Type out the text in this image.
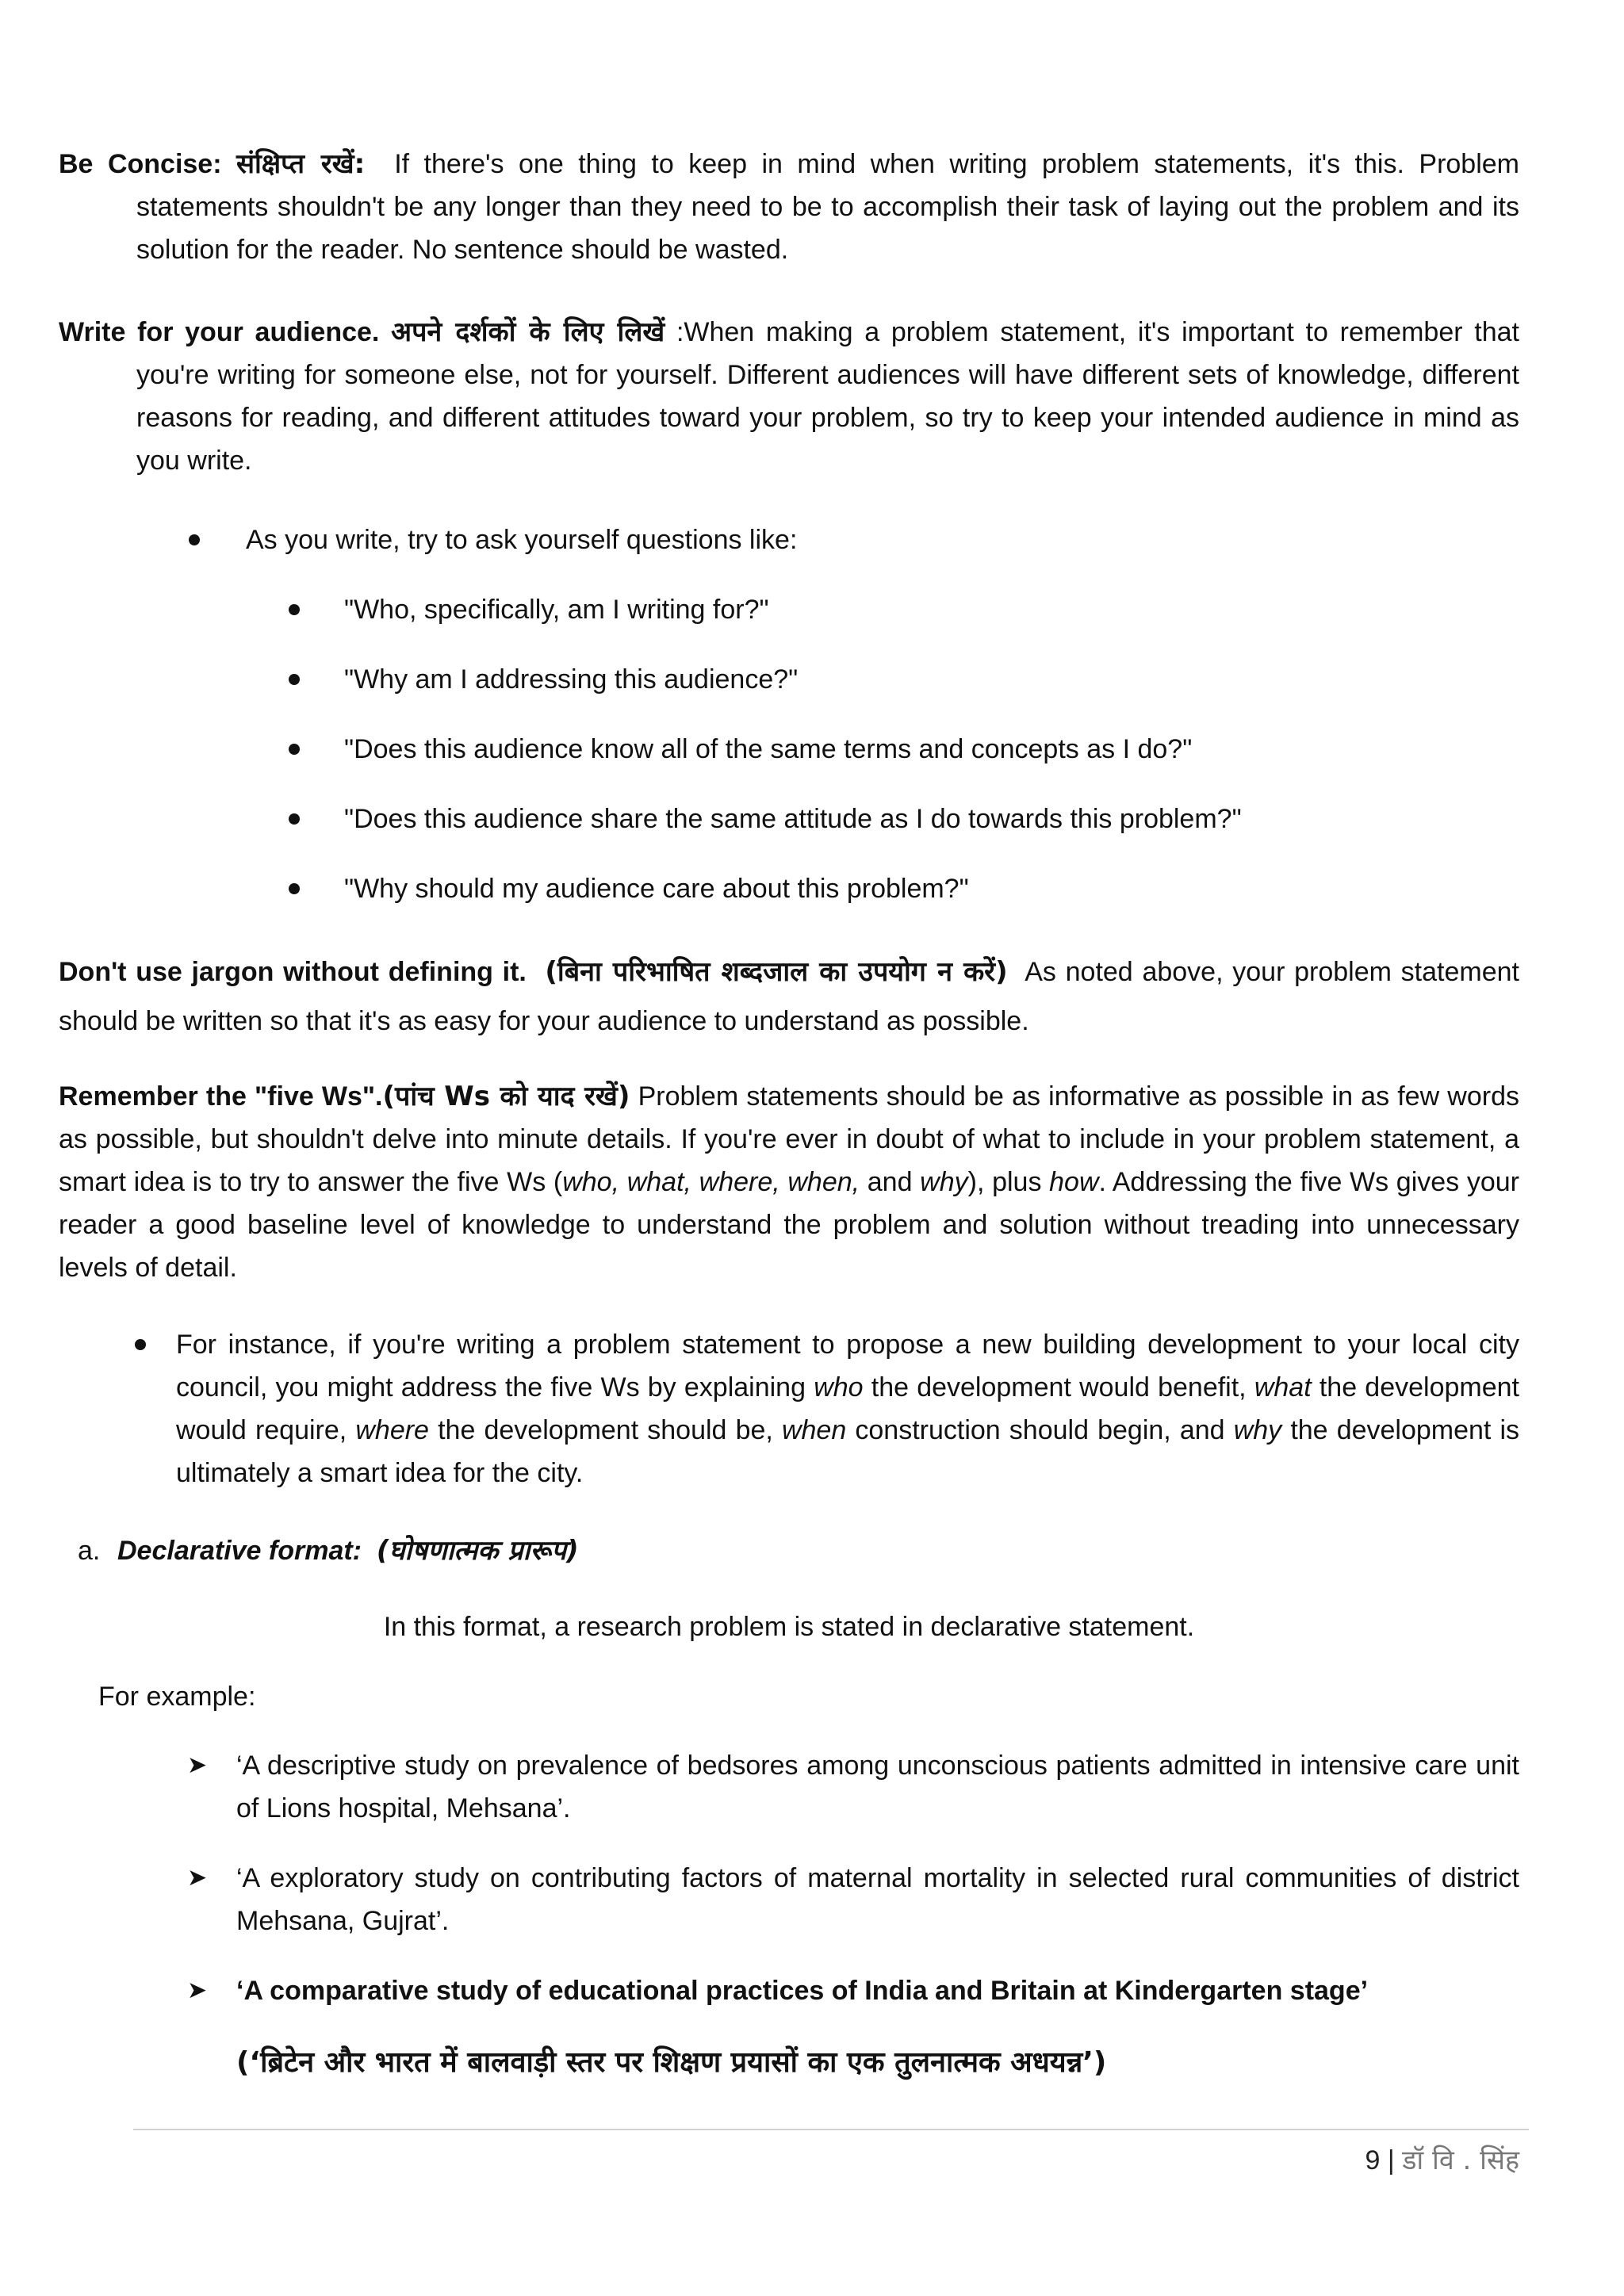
Be Concise: संक्षिप्त रखें: If there's one thing to keep in mind when writing problem statements, it's this. Problem statements shouldn't be any longer than they need to be to accomplish their task of laying out the problem and its solution for the reader. No sentence should be wasted.

Write for your audience. अपने दर्शकों के लिए लिखें :When making a problem statement, it's important to remember that you're writing for someone else, not for yourself. Different audiences will have different sets of knowledge, different reasons for reading, and different attitudes toward your problem, so try to keep your intended audience in mind as you write.

As you write, try to ask yourself questions like:
"Who, specifically, am I writing for?"
"Why am I addressing this audience?"
"Does this audience know all of the same terms and concepts as I do?"
"Does this audience share the same attitude as I do towards this problem?"
"Why should my audience care about this problem?"

Don't use jargon without defining it. (बिना परिभाषित शब्दजाल का उपयोग न करें) As noted above, your problem statement should be written so that it's as easy for your audience to understand as possible.

Remember the "five Ws".(पांच Ws को याद रखें) Problem statements should be as informative as possible in as few words as possible, but shouldn't delve into minute details. If you're ever in doubt of what to include in your problem statement, a smart idea is to try to answer the five Ws (who, what, where, when, and why), plus how. Addressing the five Ws gives your reader a good baseline level of knowledge to understand the problem and solution without treading into unnecessary levels of detail.

For instance, if you're writing a problem statement to propose a new building development to your local city council, you might address the five Ws by explaining who the development would benefit, what the development would require, where the development should be, when construction should begin, and why the development is ultimately a smart idea for the city.

a. Declarative format:
(घोषणात्मक प्रारूप)

In this format, a research problem is stated in declarative statement.

For example:

➤ ‘A descriptive study on prevalence of bedsores among unconscious patients admitted in intensive care unit of Lions hospital, Mehsana’.

➤ ‘A exploratory study on contributing factors of maternal mortality in selected rural communities of district Mehsana, Gujrat’.

➤ ‘A comparative study of educational practices of India and Britain at Kindergarten stage’

(‘ब्रिटेन और भारत में बालवाड़ी स्तर पर शिक्षण प्रयासों का एक तुलनात्मक अधयन्न’)

9 | डॉ वि . सिंह
